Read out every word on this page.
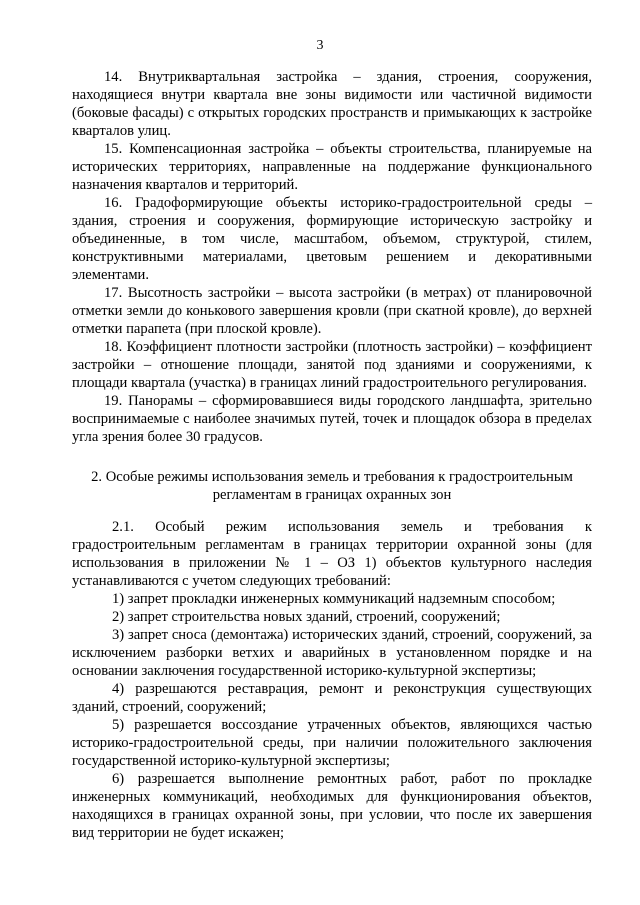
3

14. Внутриквартальная застройка – здания, строения, сооружения, находящиеся внутри квартала вне зоны видимости или частичной видимости (боковые фасады) с открытых городских пространств и примыкающих к застройке кварталов улиц.

15. Компенсационная застройка – объекты строительства, планируемые на исторических территориях, направленные на поддержание функционального назначения кварталов и территорий.

16. Градоформирующие объекты историко-градостроительной среды – здания, строения и сооружения, формирующие историческую застройку и объединенные, в том числе, масштабом, объемом, структурой, стилем, конструктивными материалами, цветовым решением и декоративными элементами.

17. Высотность застройки – высота застройки (в метрах) от планировочной отметки земли до конькового завершения кровли (при скатной кровле), до верхней отметки парапета (при плоской кровле).

18. Коэффициент плотности застройки (плотность застройки) – коэффициент застройки – отношение площади, занятой под зданиями и сооружениями, к площади квартала (участка) в границах линий градостроительного регулирования.

19. Панорамы – сформировавшиеся виды городского ландшафта, зрительно воспринимаемые с наиболее значимых путей, точек и площадок обзора в пределах угла зрения более 30 градусов.

2. Особые режимы использования земель и требования к градостроительным

регламентам в границах охранных зон

2.1. Особый режим использования земель и требования к градостроительным регламентам в границах территории охранной зоны (для использования в приложении № 1 – ОЗ 1) объектов культурного наследия устанавливаются с учетом следующих требований:

1) запрет прокладки инженерных коммуникаций надземным способом;

2) запрет строительства новых зданий, строений, сооружений;

3) запрет сноса (демонтажа) исторических зданий, строений, сооружений, за исключением разборки ветхих и аварийных в установленном порядке и на основании заключения государственной историко-культурной экспертизы;

4) разрешаются реставрация, ремонт и реконструкция существующих зданий, строений, сооружений;

5) разрешается воссоздание утраченных объектов, являющихся частью историко-градостроительной среды, при наличии положительного заключения государственной историко-культурной экспертизы;

6) разрешается выполнение ремонтных работ, работ по прокладке инженерных коммуникаций, необходимых для функционирования объектов, находящихся в границах охранной зоны, при условии, что после их завершения вид территории не будет искажен;
